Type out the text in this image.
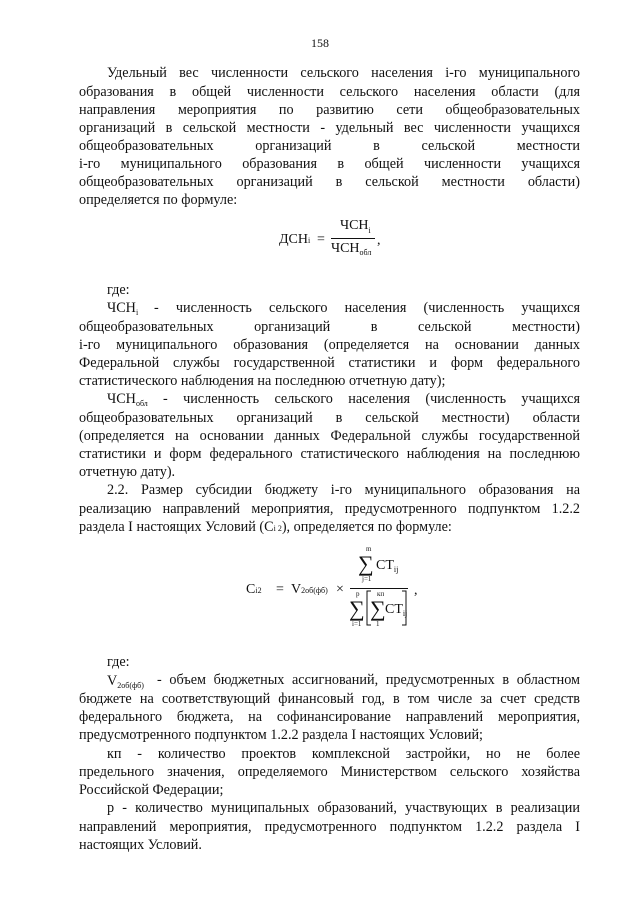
158
Удельный вес численности сельского населения i-го муниципального
образования в общей численности сельского населения области (для
направления мероприятия по развитию сети общеобразовательных
организаций в сельской местности - удельный вес численности учащихся
общеобразовательных организаций в сельской местности
i-го муниципального образования в общей численности учащихся
общеобразовательных организаций в сельской местности области)
определяется по формуле:
ДСНi =
$ЧСН_i$
$ЧСН_{обл}$
,
где:
$ЧСН_i$	- численность сельского населения (численность учащихся
общеобразовательных организаций в сельской местности)
i-го муниципального образования (определяется на основании данных
Федеральной службы государственной статистики и форм федерального
статистического наблюдения на последнюю отчетную дату);
$ЧСН_{обл}$	- численность сельского населения (численность учащихся
общеобразовательных организаций в сельской местности) области
(определяется на основании данных Федеральной службы государственной
статистики и форм федерального статистического наблюдения на последнюю
отчетную дату).
2.2. Размер субсидии бюджету i-го муниципального образования на
реализацию направлений мероприятия, предусмотренного подпунктом 1.2.2
раздела I настоящих Условий (Ci 2), определяется по формуле:
Ci2 = V2об(фб) ×
m
∑
j=1
$CT_{ij}$
p
∑
i=1
кп
∑
1
$CT_{ij}$
,
где:
$V_{2об(фб)}$ - объем бюджетных ассигнований, предусмотренных в областном
бюджете на соответствующий финансовый год, в том числе за счет средств
федерального бюджета, на софинансирование направлений мероприятия,
предусмотренного подпунктом 1.2.2 раздела I настоящих Условий;
кп - количество проектов комплексной застройки, но не более
предельного значения, определяемого Министерством сельского хозяйства
Российской Федерации;
p - количество муниципальных образований, участвующих в реализации
направлений мероприятия, предусмотренного подпунктом 1.2.2 раздела I
настоящих Условий.
